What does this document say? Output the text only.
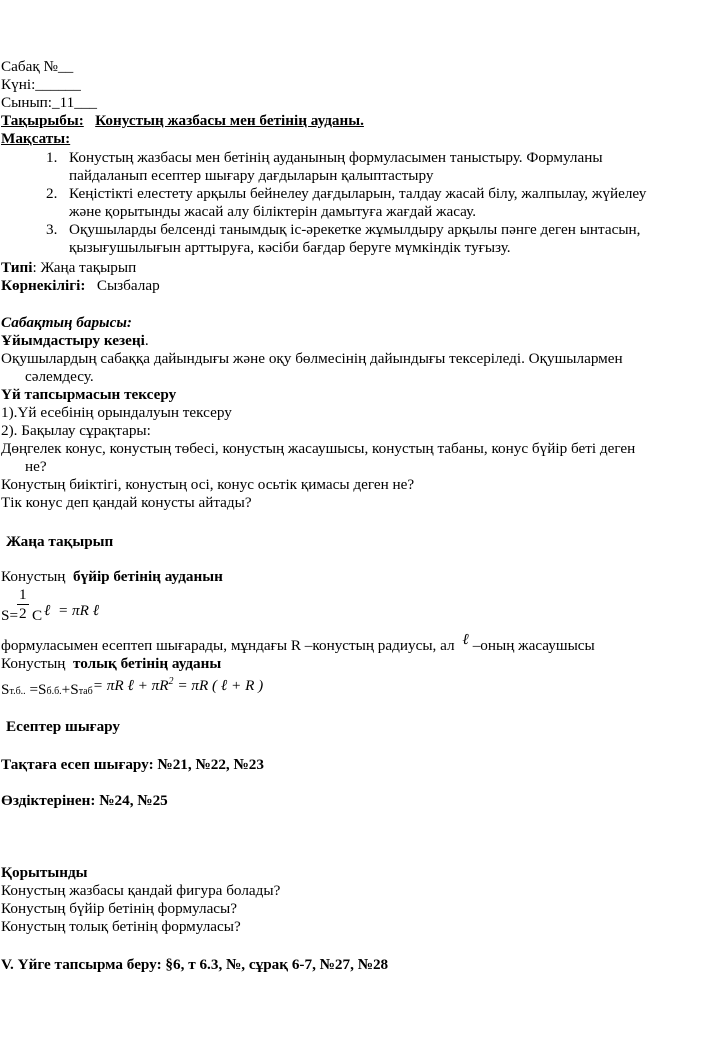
Сабақ №__
Күні:______
Сынып:_11___
Тақырыбы: Конустың жазбасы мен бетінің ауданы.
Мақсаты:
1. Конустың жазбасы мен бетінің ауданының формуласымен таныстыру. Формуланы
пайдаланып есептер шығару дағдыларын қалыптастыру
2. Кеңістікті елестету арқылы бейнелеу дағдыларын, талдау жасай білу, жалпылау, жүйелеу
және қорытынды жасай алу біліктерін дамытуға жағдай жасау.
3. Оқушыларды белсенді танымдық іс-әрекетке жұмылдыру арқылы пәнге деген ынтасын,
қызығушылығын арттыруға, кәсіби бағдар беруге мүмкіндік туғызу.
Типі: Жаңа тақырып
Көрнекілігі: Сызбалар
Сабақтың барысы:
Ұйымдастыру кезеңі.
Оқушылардың сабаққа дайындығы және оқу бөлмесінің дайындығы тексеріледі. Оқушылармен
сәлемдесу.
Үй тапсырмасын тексеру
1).Үй есебінің орындалуын тексеру
2). Бақылау сұрақтары:
Дөңгелек конус, конустың төбесі, конустың жасаушысы, конустың табаны, конус бүйір беті деген
не?
Конустың биіктігі, конустың осі, конус осьтік қимасы деген не?
Тік конус деп қандай конусты айтады?
Жаңа тақырып
Конустың бүйір бетінің ауданын
1
S= 2 C ℓ = πR ℓ
формуласымен есептеп шығарады, мұндағы R –конустың радиусы, ал ℓ –оның жасаушысы
Конустың толық бетінің ауданы
Sт.б.. =Sб.б.+Sтаб= πR ℓ + $\pi R^2 = \pi R$ ( ℓ + R )
Есептер шығару
Тақтаға есеп шығару: №21, №22, №23
Өздіктерінен: №24, №25
Қорытынды
Конустың жазбасы қандай фигура болады?
Конустың бүйір бетінің формуласы?
Конустың толық бетінің формуласы?
V. Үйге тапсырма беру: §6, т 6.3, №, сұрақ 6-7, №27, №28
